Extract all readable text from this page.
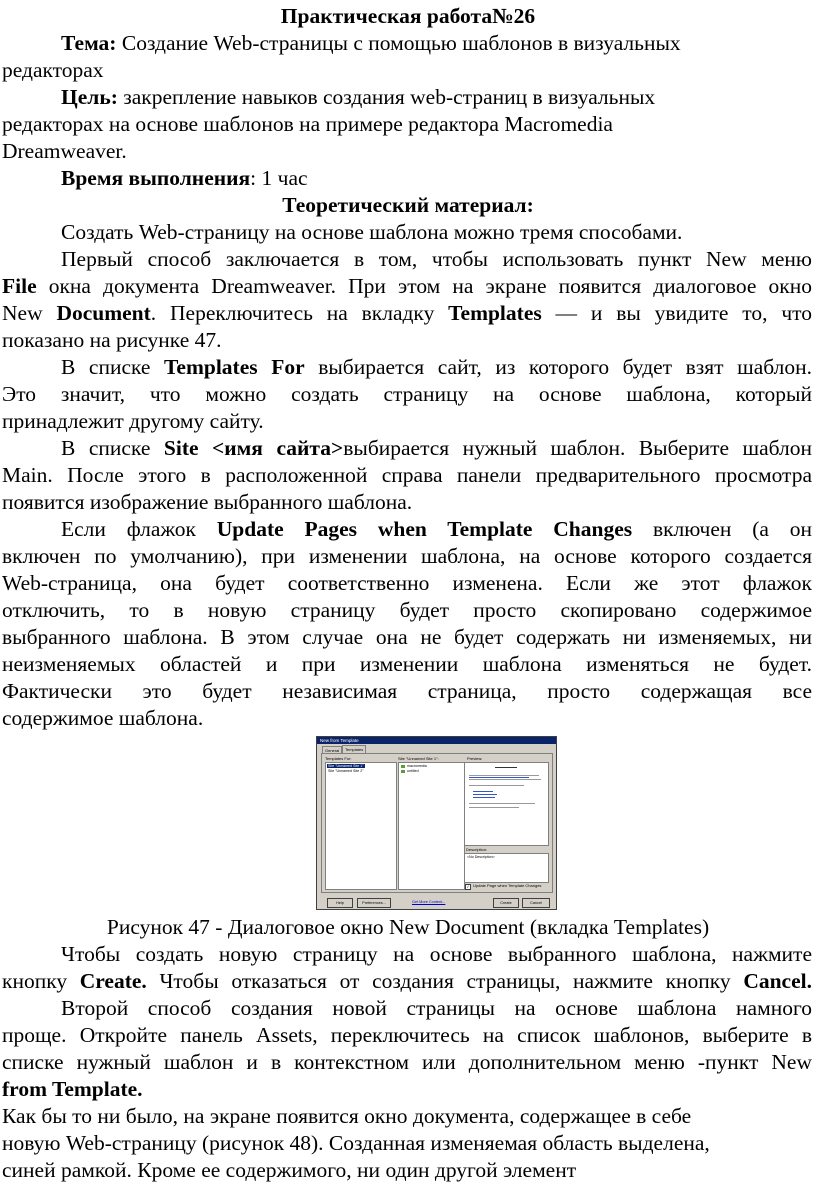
Практическая работа№26
Тема: Создание Web-страницы с помощью шаблонов в визуальных
редакторах
Цель: закрепление навыков создания web-страниц в визуальных
редакторах на основе шаблонов на примере редактора Macromedia
Dreamweaver.
Время выполнения: 1 час
Теоретический материал:
Создать Web-страницу на основе шаблона можно тремя способами.
Первый способ заключается в том, чтобы использовать пункт New меню
File окна документа Dreamweaver. При этом на экране появится диалоговое окно
New Document. Переключитесь на вкладку Templates — и вы увидите то, что
показано на рисунке 47.
В списке Templates For выбирается сайт, из которого будет взят шаблон.
Это значит, что можно создать страницу на основе шаблона, который
принадлежит другому сайту.
В списке Site <имя сайта>выбирается нужный шаблон. Выберите шаблон
Main. После этого в расположенной справа панели предварительного просмотра
появится изображение выбранного шаблона.
Если флажок Update Pages when Template Changes включен (а он
включен по умолчанию), при изменении шаблона, на основе которого создается
Web-страница, она будет соответственно изменена. Если же этот флажок
отключить, то в новую страницу будет просто скопировано содержимое
выбранного шаблона. В этом случае она не будет содержать ни изменяемых, ни
неизменяемых областей и при изменении шаблона изменяться не будет.
Фактически это будет независимая страница, просто содержащая все
содержимое шаблона.
New from Template
General	Templates
Templates For:
Site "Unnamed Site 1"
Site "Unnamed Site 2"
Site "Unnamed Site 1":
macromedia
untitled
Preview:
Description:
<No Description>
✓ Update Page when Template Changes
Help	Preferences...	Get More Content...	Create	Cancel
Рисунок 47 - Диалоговое окно New Document (вкладка Templates)
Чтобы создать новую страницу на основе выбранного шаблона, нажмите
кнопку Create. Чтобы отказаться от создания страницы, нажмите кнопку Cancel.
Второй способ создания новой страницы на основе шаблона намного
проще. Откройте панель Assets, переключитесь на список шаблонов, выберите в
списке нужный шаблон и в контекстном или дополнительном меню -пункт New
from Template.
Как бы то ни было, на экране появится окно документа, содержащее в себе
новую Web-страницу (рисунок 48). Созданная изменяемая область выделена,
синей рамкой. Кроме ее содержимого, ни один другой элемент
